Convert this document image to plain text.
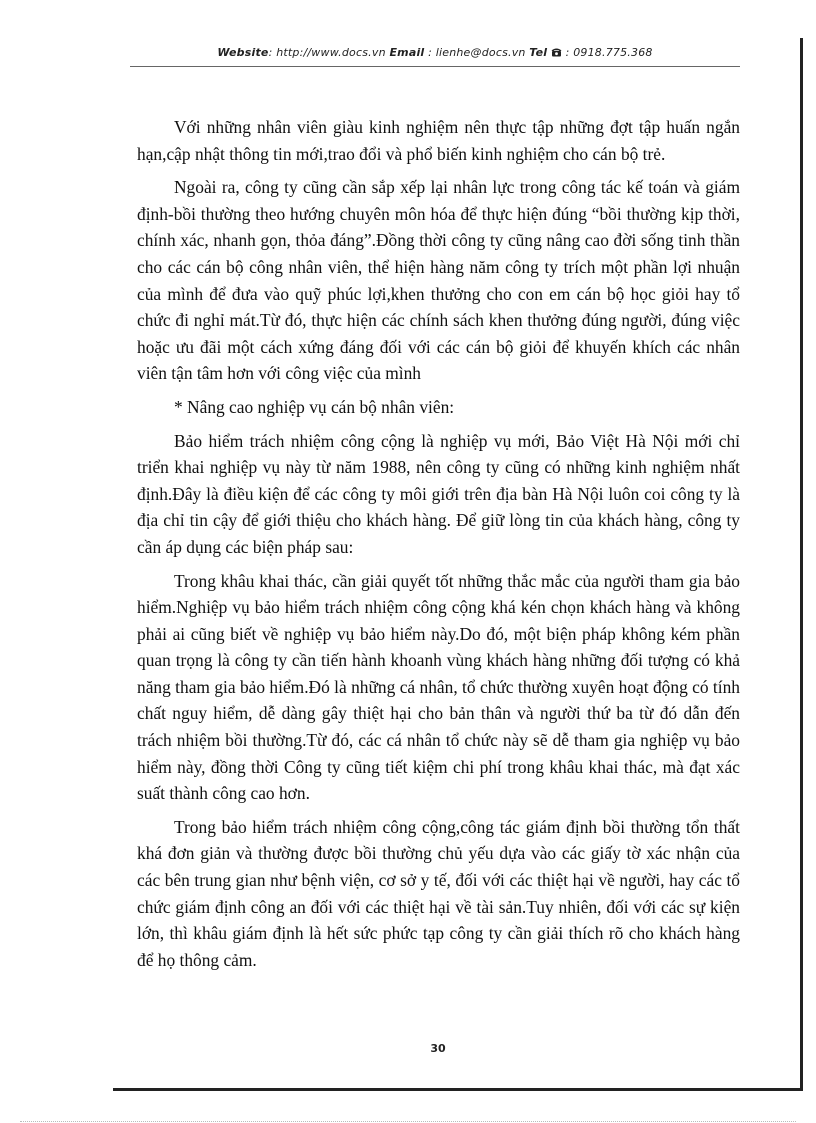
Website: http://www.docs.vn Email : lienhe@docs.vn Tel : 0918.775.368

Với những nhân viên giàu kinh nghiệm nên thực tập những đợt tập huấn ngắn hạn,cập nhật thông tin mới,trao đổi và phổ biến kinh nghiệm cho cán bộ trẻ.

Ngoài ra, công ty cũng cần sắp xếp lại nhân lực trong công tác kế toán và giám định-bồi thường theo hướng chuyên môn hóa để thực hiện đúng “bồi thường kịp thời, chính xác, nhanh gọn, thỏa đáng”.Đồng thời công ty cũng nâng cao đời sống tinh thần cho các cán bộ công nhân viên, thể hiện hàng năm công ty trích một phần lợi nhuận của mình để đưa vào quỹ phúc lợi,khen thưởng cho con em cán bộ học giỏi hay tổ chức đi nghỉ mát.Từ đó, thực hiện các chính sách khen thưởng đúng người, đúng việc hoặc ưu đãi một cách xứng đáng đối với các cán bộ giỏi để khuyến khích các nhân viên tận tâm hơn với công việc của mình

* Nâng cao nghiệp vụ cán bộ nhân viên:

Bảo hiểm trách nhiệm công cộng là nghiệp vụ mới, Bảo Việt Hà Nội mới chỉ triển khai nghiệp vụ này từ năm 1988, nên công ty cũng có những kinh nghiệm nhất định.Đây là điều kiện để các công ty môi giới trên địa bàn Hà Nội luôn coi công ty là địa chỉ tin cậy để giới thiệu cho khách hàng. Để giữ lòng tin của khách hàng, công ty cần áp dụng các biện pháp sau:

Trong khâu khai thác, cần giải quyết tốt những thắc mắc của người tham gia bảo hiểm.Nghiệp vụ bảo hiểm trách nhiệm công cộng khá kén chọn khách hàng và không phải ai cũng biết về nghiệp vụ bảo hiểm này.Do đó, một biện pháp không kém phần quan trọng là công ty cần tiến hành khoanh vùng khách hàng những đối tượng có khả năng tham gia bảo hiểm.Đó là những cá nhân, tổ chức thường xuyên hoạt động có tính chất nguy hiểm, dễ dàng gây thiệt hại cho bản thân và người thứ ba từ đó dẫn đến trách nhiệm bồi thường.Từ đó, các cá nhân tổ chức này sẽ dễ tham gia nghiệp vụ bảo hiểm này, đồng thời Công ty cũng tiết kiệm chi phí trong khâu khai thác, mà đạt xác suất thành công cao hơn.

Trong bảo hiểm trách nhiệm công cộng,công tác giám định bồi thường tổn thất khá đơn giản và thường được bồi thường chủ yếu dựa vào các giấy tờ xác nhận của các bên trung gian như bệnh viện, cơ sở y tế, đối với các thiệt hại về người, hay các tổ chức giám định công an đối với các thiệt hại về tài sản.Tuy nhiên, đối với các sự kiện lớn, thì khâu giám định là hết sức phức tạp công ty cần giải thích rõ cho khách hàng để họ thông cảm.

30
